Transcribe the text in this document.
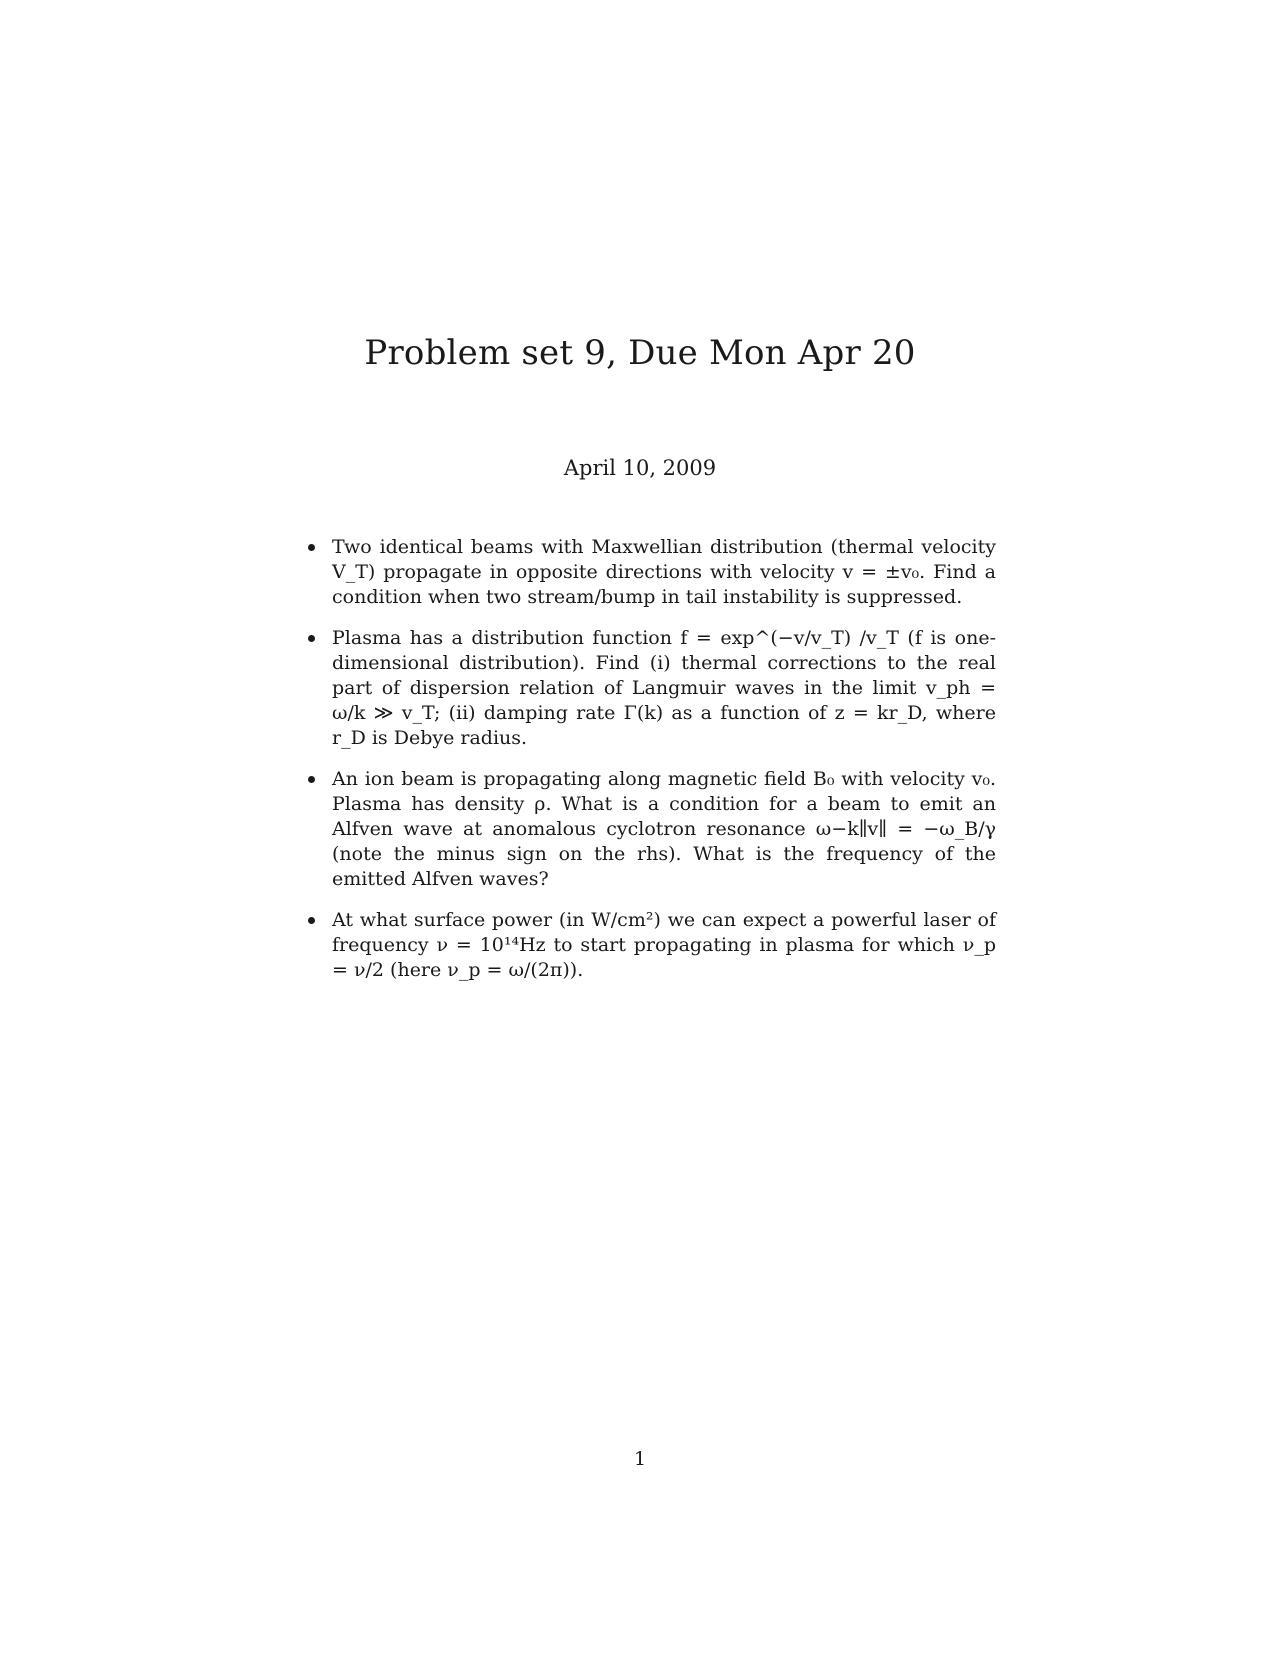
Problem set 9, Due Mon Apr 20
April 10, 2009
Two identical beams with Maxwellian distribution (thermal velocity V_T) propagate in opposite directions with velocity v = ±v₀. Find a condition when two stream/bump in tail instability is suppressed.
Plasma has a distribution function f = exp^(−v/v_T) /v_T (f is one-dimensional distribution). Find (i) thermal corrections to the real part of dispersion relation of Langmuir waves in the limit v_ph = ω/k ≫ v_T; (ii) damping rate Γ(k) as a function of z = kr_D, where r_D is Debye radius.
An ion beam is propagating along magnetic field B₀ with velocity v₀. Plasma has density ρ. What is a condition for a beam to emit an Alfven wave at anomalous cyclotron resonance ω−k∥v∥ = −ω_B/γ (note the minus sign on the rhs). What is the frequency of the emitted Alfven waves?
At what surface power (in W/cm²) we can expect a powerful laser of frequency ν = 10¹⁴Hz to start propagating in plasma for which ν_p = ν/2 (here ν_p = ω/(2π)).
1
